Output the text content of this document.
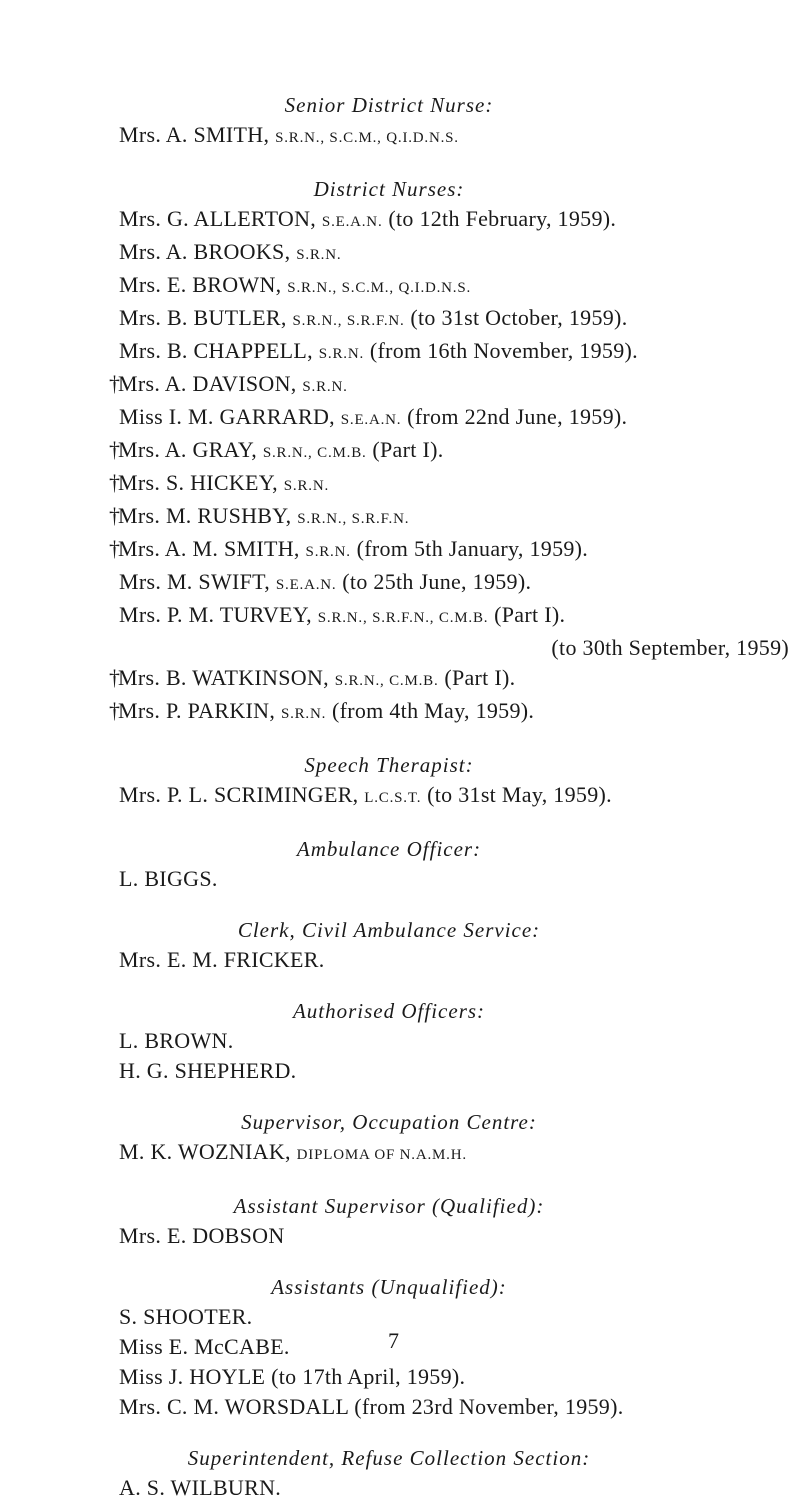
Senior District Nurse:
Mrs. A. SMITH, S.R.N., S.C.M., Q.I.D.N.S.
District Nurses:
Mrs. G. ALLERTON, S.E.A.N. (to 12th February, 1959).
Mrs. A. BROOKS, S.R.N.
Mrs. E. BROWN, S.R.N., S.C.M., Q.I.D.N.S.
Mrs. B. BUTLER, S.R.N., S.R.F.N. (to 31st October, 1959).
Mrs. B. CHAPPELL, S.R.N. (from 16th November, 1959).
†Mrs. A. DAVISON, S.R.N.
Miss I. M. GARRARD, S.E.A.N. (from 22nd June, 1959).
†Mrs. A. GRAY, S.R.N., C.M.B. (Part I).
†Mrs. S. HICKEY, S.R.N.
†Mrs. M. RUSHBY, S.R.N., S.R.F.N.
†Mrs. A. M. SMITH, S.R.N. (from 5th January, 1959).
Mrs. M. SWIFT, S.E.A.N. (to 25th June, 1959).
Mrs. P. M. TURVEY, S.R.N., S.R.F.N., C.M.B. (Part I).
(to 30th September, 1959)
†Mrs. B. WATKINSON, S.R.N., C.M.B. (Part I).
†Mrs. P. PARKIN, S.R.N. (from 4th May, 1959).
Speech Therapist:
Mrs. P. L. SCRIMINGER, L.C.S.T. (to 31st May, 1959).
Ambulance Officer:
L. BIGGS.
Clerk, Civil Ambulance Service:
Mrs. E. M. FRICKER.
Authorised Officers:
L. BROWN.
H. G. SHEPHERD.
Supervisor, Occupation Centre:
M. K. WOZNIAK, DIPLOMA OF N.A.M.H.
Assistant Supervisor (Qualified):
Mrs. E. DOBSON
Assistants (Unqualified):
S. SHOOTER.
Miss E. McCABE.
Miss J. HOYLE (to 17th April, 1959).
Mrs. C. M. WORSDALL (from 23rd November, 1959).
Superintendent, Refuse Collection Section:
A. S. WILBURN.
7
